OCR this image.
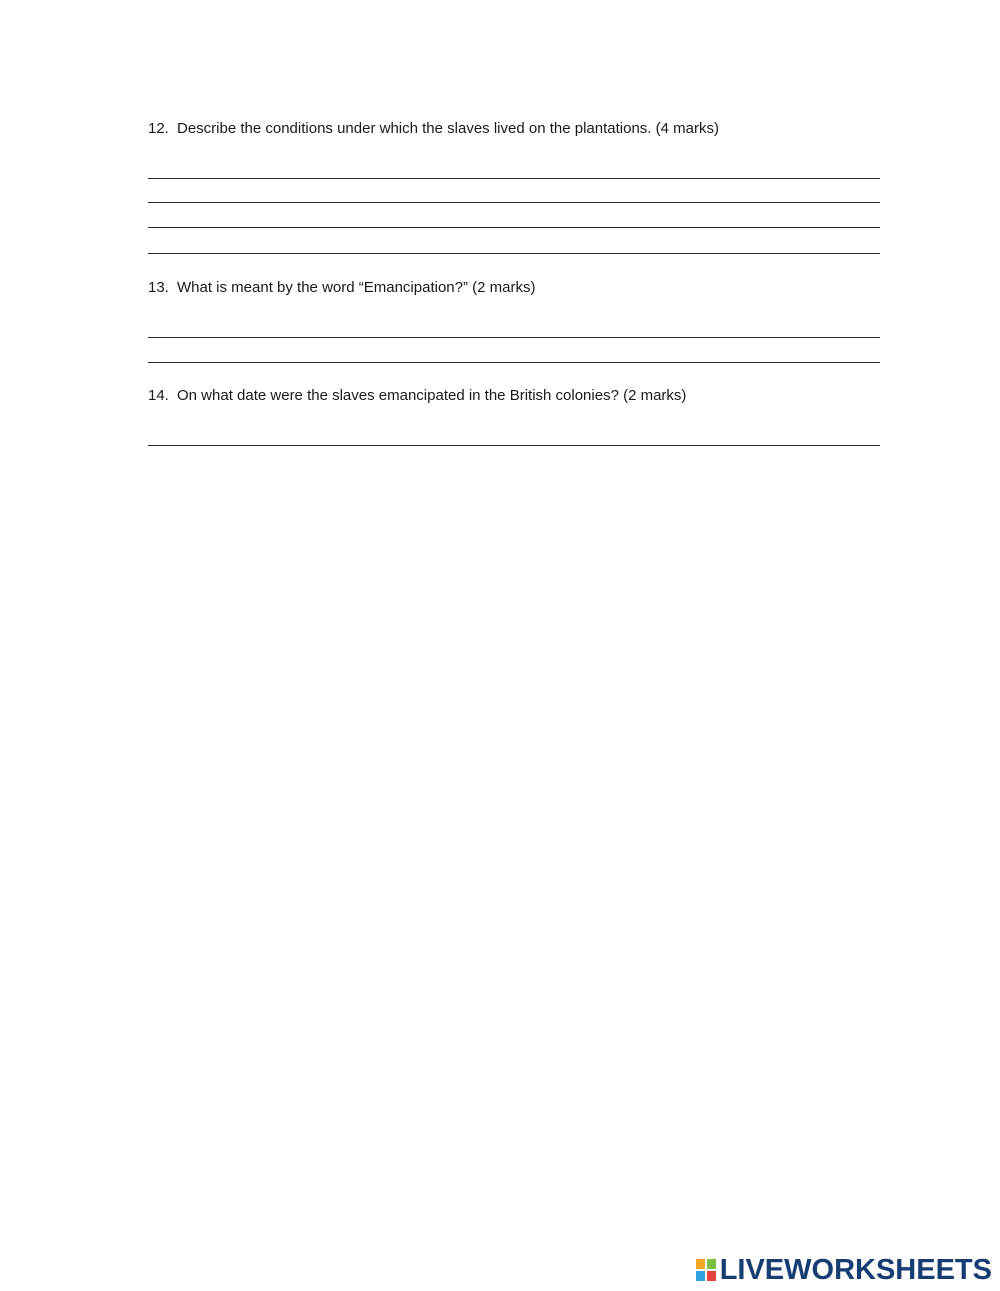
12. Describe the conditions under which the slaves lived on the plantations. (4 marks)
13. What is meant by the word “Emancipation?” (2 marks)
14. On what date were the slaves emancipated in the British colonies? (2 marks)
LIVEWORKSHEETS
